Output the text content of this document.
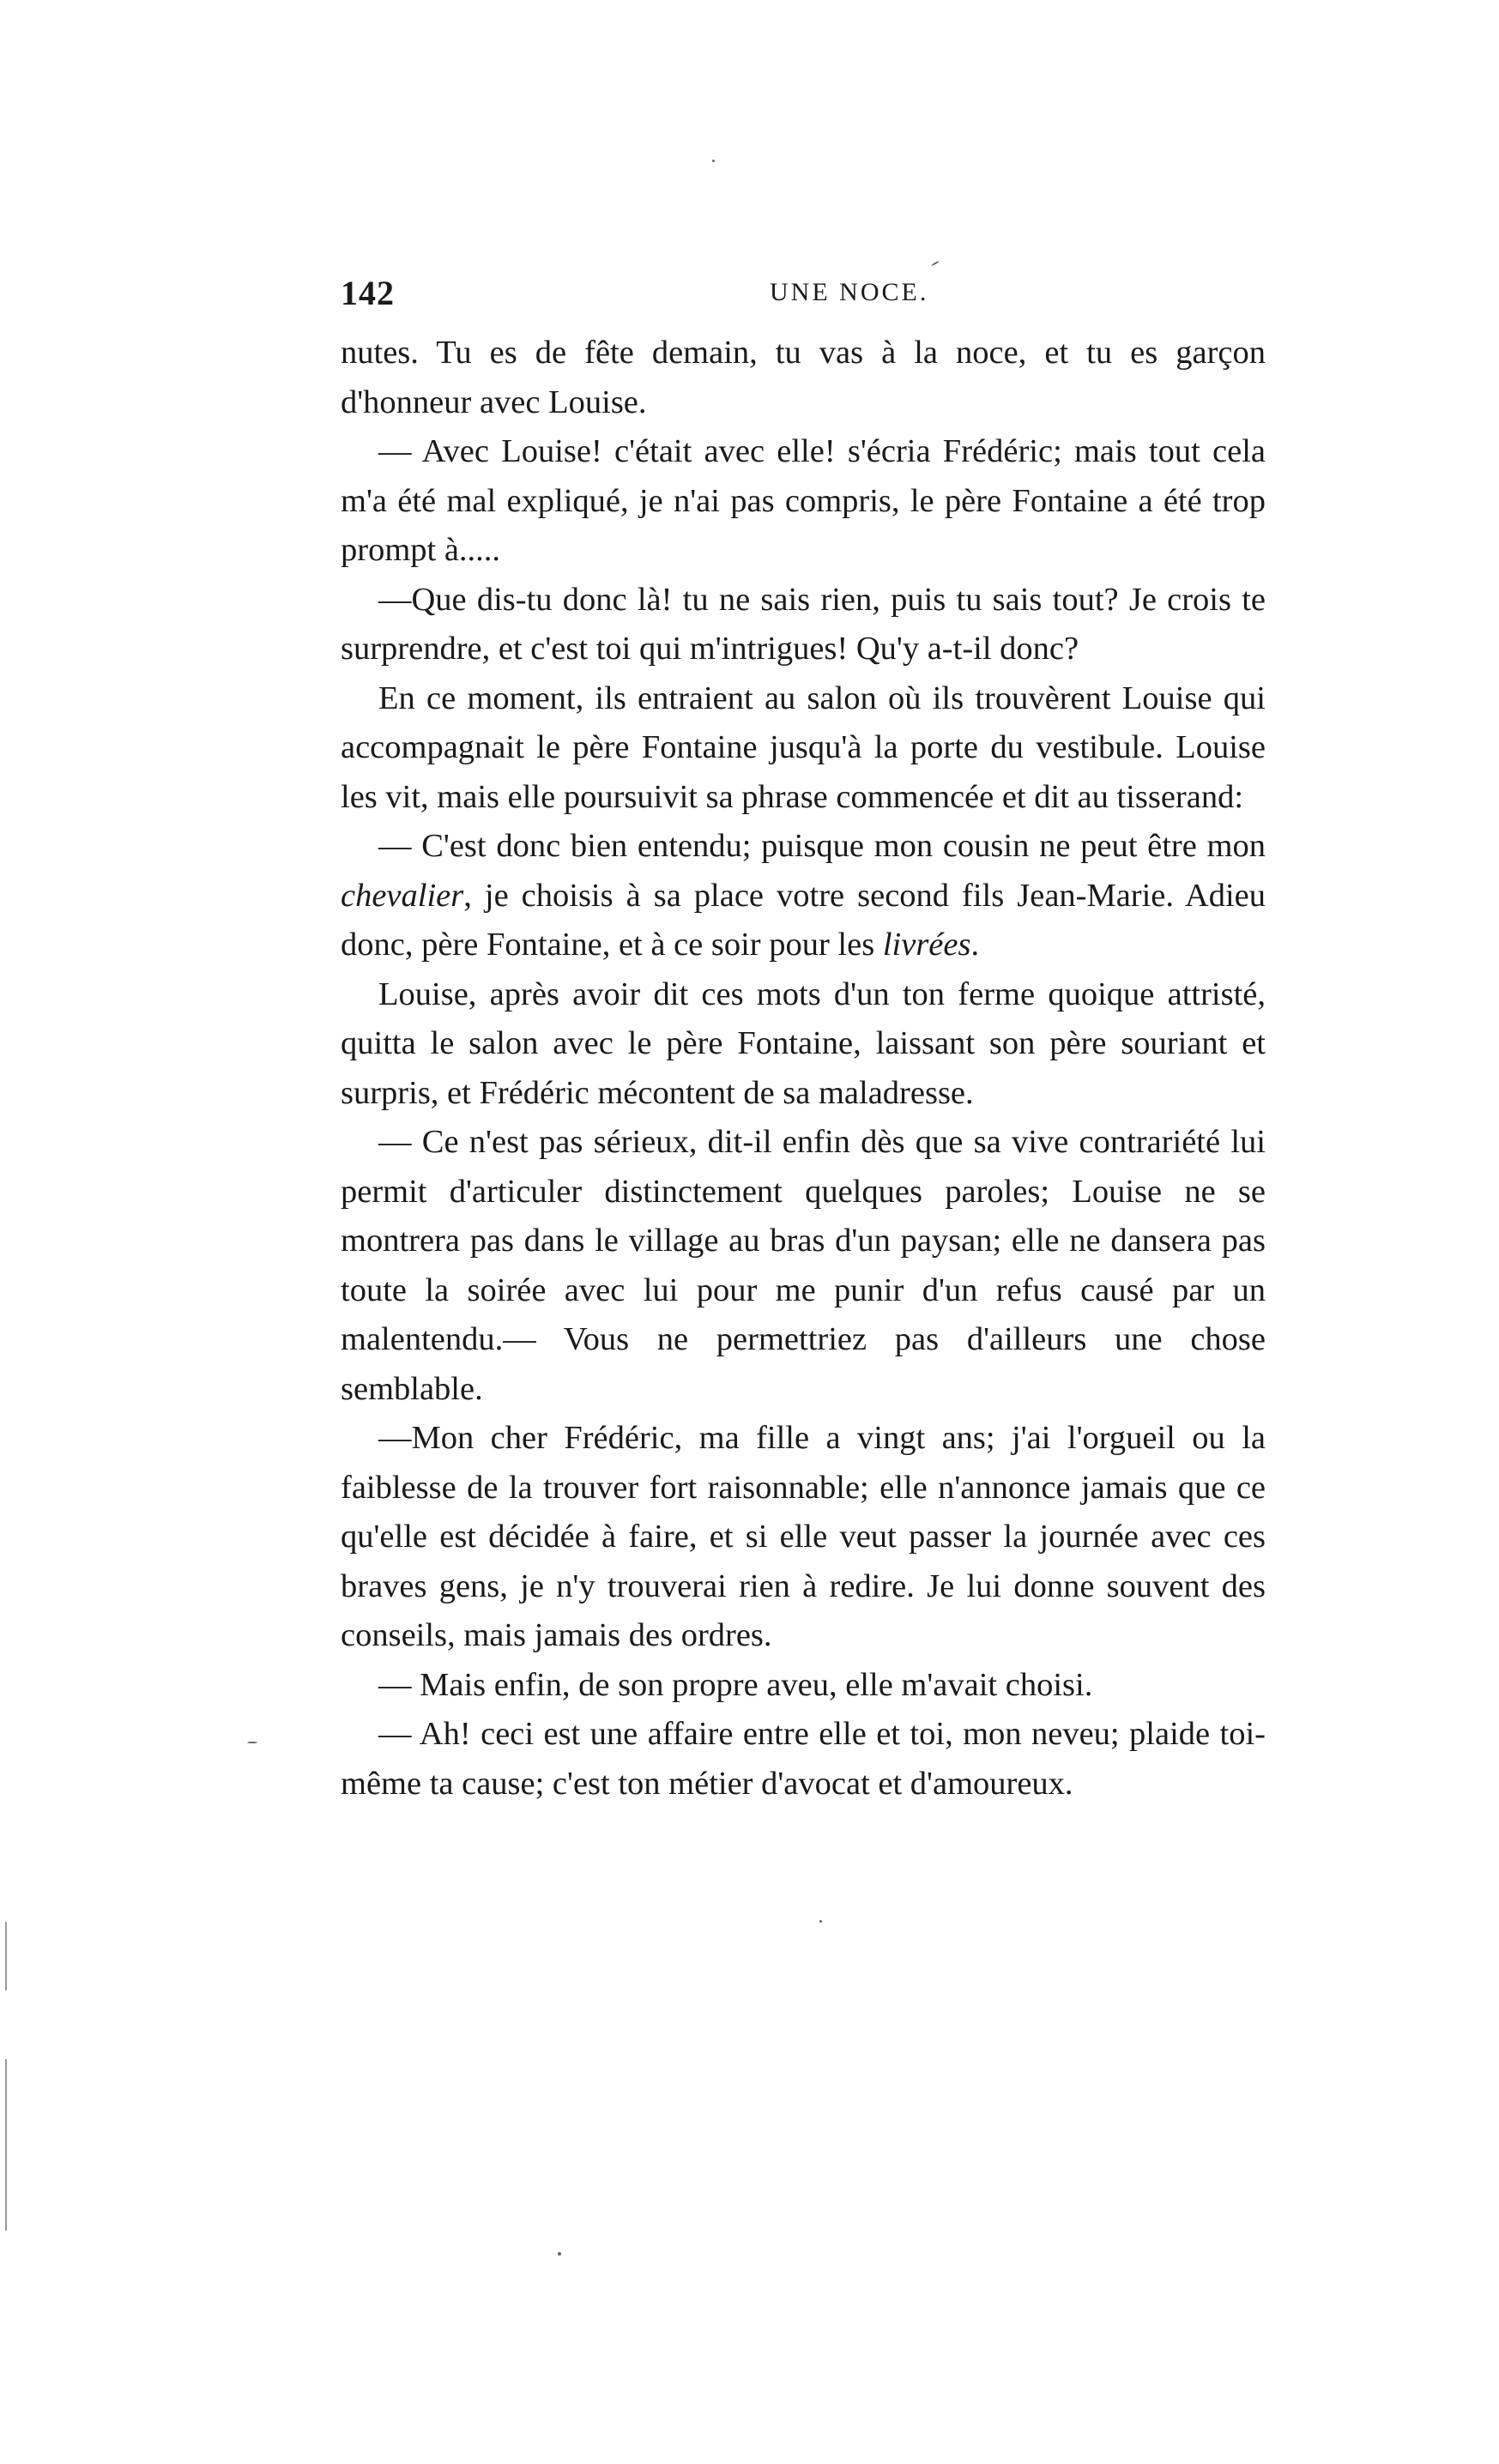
142	UNE NOCE.

nutes. Tu es de fête demain, tu vas à la noce, et tu es garçon d'honneur avec Louise.

— Avec Louise! c'était avec elle! s'écria Frédéric; mais tout cela m'a été mal expliqué, je n'ai pas compris, le père Fontaine a été trop prompt à.....

—Que dis-tu donc là! tu ne sais rien, puis tu sais tout? Je crois te surprendre, et c'est toi qui m'intrigues! Qu'y a-t-il donc?

En ce moment, ils entraient au salon où ils trouvèrent Louise qui accompagnait le père Fontaine jusqu'à la porte du vestibule. Louise les vit, mais elle poursuivit sa phrase commencée et dit au tisserand:

— C'est donc bien entendu; puisque mon cousin ne peut être mon chevalier, je choisis à sa place votre second fils Jean-Marie. Adieu donc, père Fontaine, et à ce soir pour les livrées.

Louise, après avoir dit ces mots d'un ton ferme quoique attristé, quitta le salon avec le père Fontaine, laissant son père souriant et surpris, et Frédéric mécontent de sa maladresse.

— Ce n'est pas sérieux, dit-il enfin dès que sa vive contrariété lui permit d'articuler distinctement quelques paroles; Louise ne se montrera pas dans le village au bras d'un paysan; elle ne dansera pas toute la soirée avec lui pour me punir d'un refus causé par un malentendu.— Vous ne permettriez pas d'ailleurs une chose semblable.

—Mon cher Frédéric, ma fille a vingt ans; j'ai l'orgueil ou la faiblesse de la trouver fort raisonnable; elle n'annonce jamais que ce qu'elle est décidée à faire, et si elle veut passer la journée avec ces braves gens, je n'y trouverai rien à redire. Je lui donne souvent des conseils, mais jamais des ordres.

— Mais enfin, de son propre aveu, elle m'avait choisi.

— Ah! ceci est une affaire entre elle et toi, mon neveu; plaide toi-même ta cause; c'est ton métier d'avocat et d'amoureux.
